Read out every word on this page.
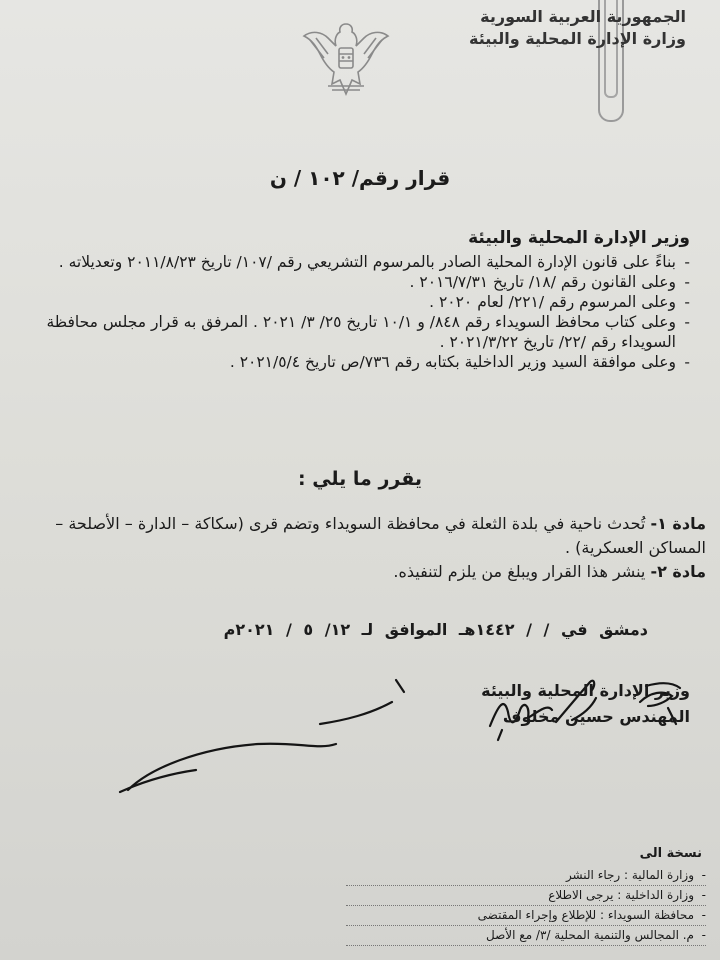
الجمهورية العربية السورية
وزارة الإدارة المحلية والبيئة
قرار رقم/ ١٠٢ / ن
وزير الإدارة المحلية والبيئة
- بناءً على قانون الإدارة المحلية الصادر بالمرسوم التشريعي رقم /١٠٧/ تاريخ ٢٠١١/٨/٢٣ وتعديلاته .
- وعلى القانون رقم /١٨/ تاريخ ٢٠١٦/٧/٣١ .
- وعلى المرسوم رقم /٢٢١/ لعام ٢٠٢٠ .
- وعلى كتاب محافظ السويداء رقم ٨٤٨/ و ١٠/١ تاريخ ٢٥/ ٣/ ٢٠٢١ . المرفق به قرار مجلس محافظة السويداء رقم /٢٢/ تاريخ ٢٠٢١/٣/٢٢ .
- وعلى موافقة السيد وزير الداخلية بكتابه رقم ٧٣٦/ص تاريخ ٢٠٢١/٥/٤ .
يقرر ما يلي :
مادة ١- تُحدث ناحية في بلدة الثعلة في محافظة السويداء وتضم قرى (سكاكة – الدارة – الأصلحة – المساكن العسكرية) .
مادة ٢- ينشر هذا القرار ويبلغ من يلزم لتنفيذه.
دمشق في / / ١٤٤٢هـ الموافق لـ ١٢/ ٥ / ٢٠٢١م
وزير الإدارة المحلية والبيئة
المهندس حسين مخلوف
نسخة الى
- وزارة المالية : رجاء النشر
- وزارة الداخلية : يرجى الاطلاع
- محافظة السويداء : للإطلاع وإجراء المقتضى
- م. المجالس والتنمية المحلية /٣/ مع الأصل
